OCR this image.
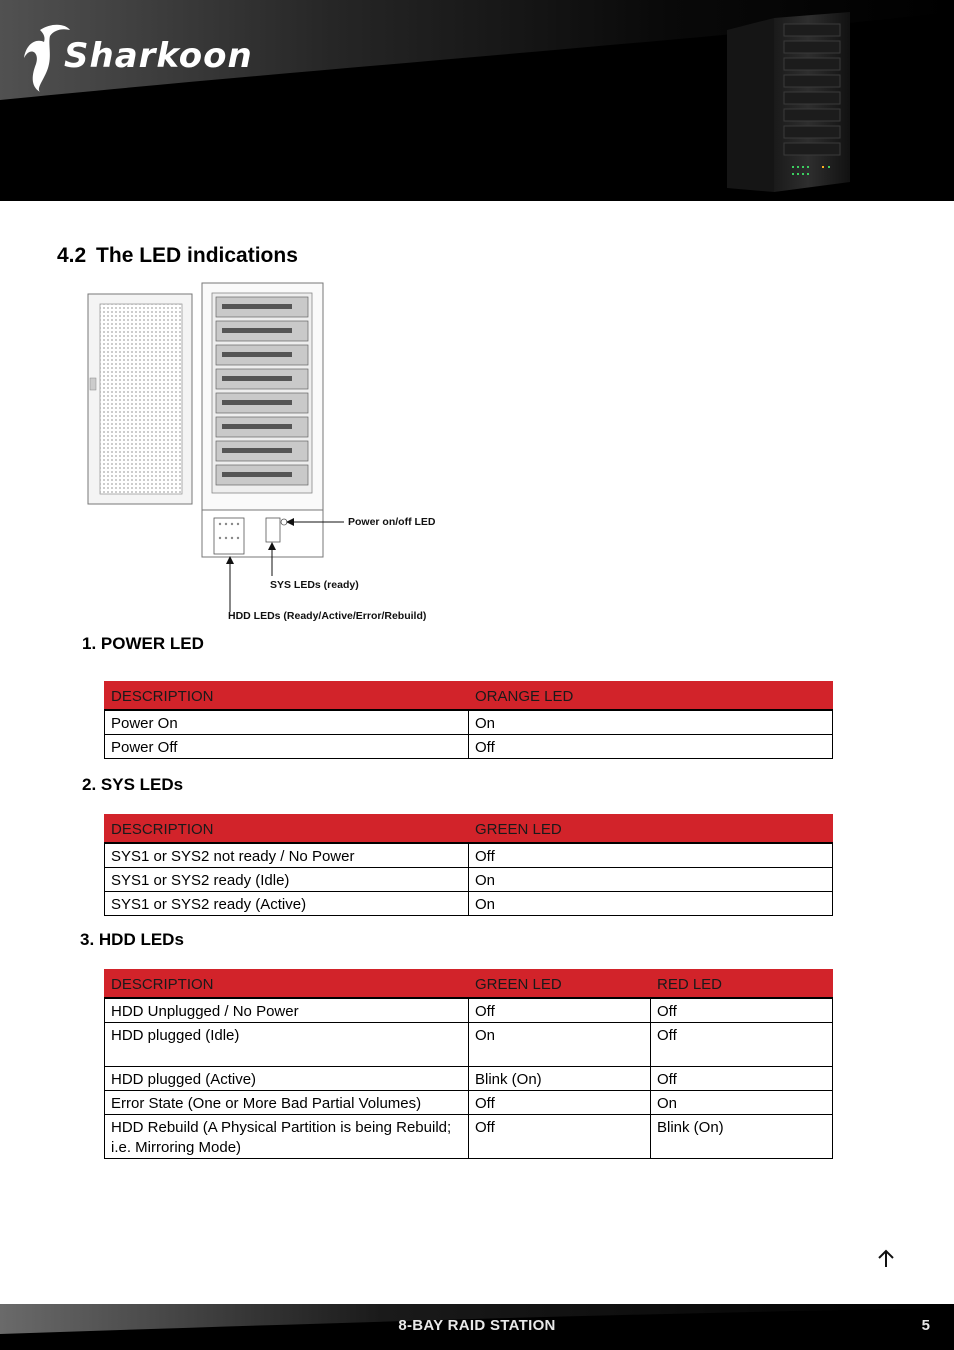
Sharkoon
4.2 The LED indications
Power on/off LED
SYS LEDs (ready)
HDD LEDs (Ready/Active/Error/Rebuild)
1. POWER LED
DESCRIPTION	ORANGE LED
Power On	On
Power Off	Off
2. SYS LEDs
DESCRIPTION	GREEN LED
SYS1 or SYS2 not ready / No Power	Off
SYS1 or SYS2 ready (Idle)	On
SYS1 or SYS2 ready (Active)	On
3. HDD LEDs
DESCRIPTION	GREEN LED	RED LED
HDD Unplugged / No Power	Off	Off
HDD plugged (Idle)	On	Off
HDD plugged (Active)	Blink (On)	Off
Error State (One or More Bad Partial Volumes)	Off	On
HDD Rebuild (A Physical Partition is being Rebuild; i.e. Mirroring Mode)	Off	Blink (On)
8-BAY RAID STATION	5
